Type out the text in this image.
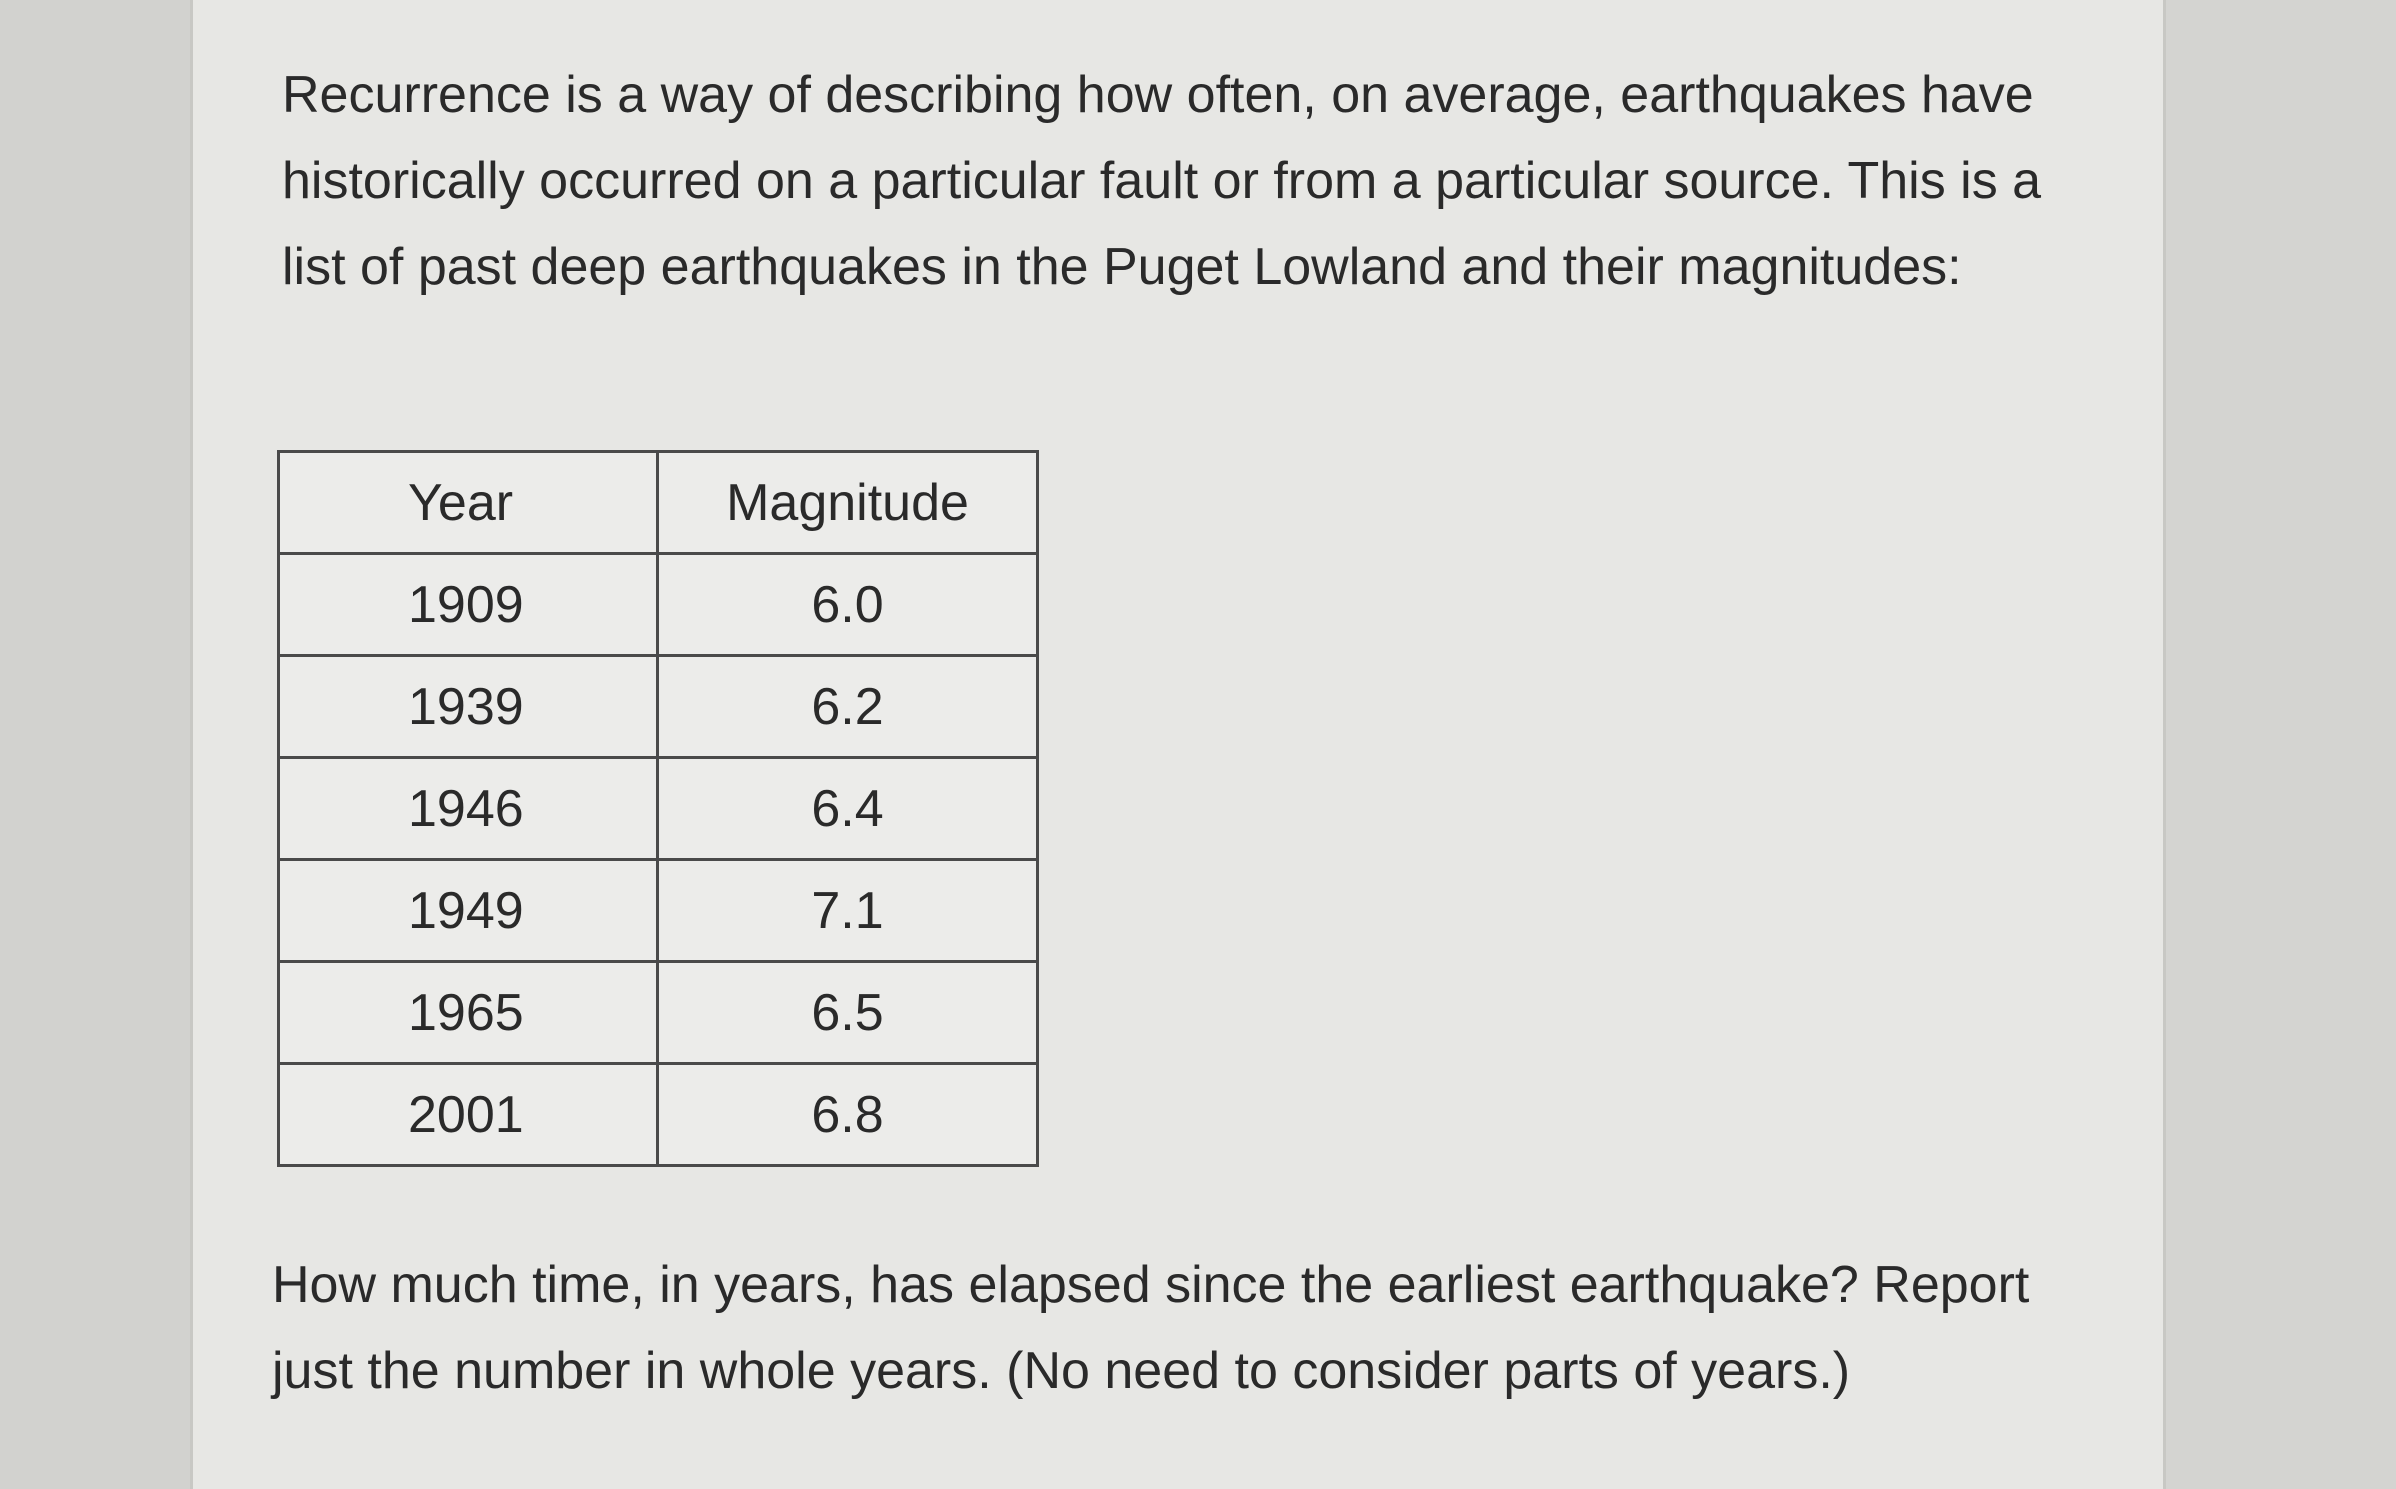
Recurrence is a way of describing how often, on average, earthquakes have historically occurred on a particular fault or from a particular source. This is a list of past deep earthquakes in the Puget Lowland and their magnitudes:

Year	Magnitude
1909	6.0
1939	6.2
1946	6.4
1949	7.1
1965	6.5
2001	6.8

How much time, in years, has elapsed since the earliest earthquake? Report just the number in whole years. (No need to consider parts of years.)
